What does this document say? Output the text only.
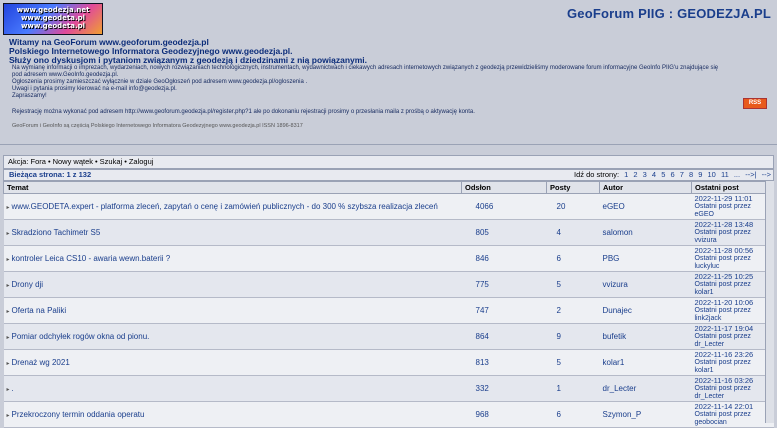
www.geodezja.net
www.geodeta.pl
www.geodeta.pl
GeoForum PIIG : GEODEZJA.PL

Witamy na GeoForum www.geoforum.geodezja.pl

Polskiego Internetowego Informatora Geodezyjnego www.geodezja.pl.

Służy ono dyskusjom i pytaniom związanym z geodezją i dziedzinami z nią powiązanymi.

Na wymianę informacji o imprezach, wydarzeniach, nowych rozwiązaniach technologicznych, instrumentach, wydawnictwach i ciekawych adresach internetowych związanych z geodezją przewidzieliśmy moderowane forum informacyjne GeoInfo PIIG'u znajdujące się pod adresem www.GeoInfo.geodezja.pl.

Ogłoszenia prosimy zamieszczać wyłącznie w dziale GeoOgłoszeń pod adresem www.geodezja.pl/ogloszenia .

Uwagi i pytania prosimy kierować na e-mail info@geodezja.pl.

Zapraszamy!

Rejestrację można wykonać pod adresem http://www.geoforum.geodezja.pl/register.php?1 ale po dokonaniu rejestracji prosimy o przesłania maila z prośbą o aktywację konta.
GeoForum i GeoInfo są częścią Polskiego Internetowego Informatora Geodezyjnego www.geodezja.pl ISSN 1896-8317
RSS
Akcja: Fora • Nowy wątek • Szukaj • Zaloguj
Bieżąca strona: 1 z 132	Idź do strony: 1 2 3 4 5 6 7 8 9 10 11 ... -->| -->
Temat	Odsłon	Posty	Autor	Ostatni post
▸ www.GEODETA.expert - platforma zleceń, zapytań o cenę i zamówień publicznych - do 300 % szybsza realizacja zleceń	4066	20	eGEO	2022-11-29 11:01
Ostatni post przez eGEO

▸ Skradziono Tachimetr S5	805	4	salomon	2022-11-28 13:48
Ostatni post przez vvizura

▸ kontroler Leica CS10 - awaria wewn.baterii ?	846	6	PBG	2022-11-28 00:56
Ostatni post przez luckyluc

▸ Drony dji	775	5	vvizura	2022-11-25 10:25
Ostatni post przez kolar1

▸ Oferta na Paliki	747	2	Dunajec	2022-11-20 10:06
Ostatni post przez link2jack

▸ Pomiar odchyłek rogów okna od pionu.	864	9	bufetik	2022-11-17 19:04
Ostatni post przez dr_Lecter

▸ Drenaż wg 2021	813	5	kolar1	2022-11-16 23:26
Ostatni post przez kolar1

▸ .	332	1	dr_Lecter	2022-11-16 03:26
Ostatni post przez dr_Lecter

▸ Przekroczony termin oddania operatu	968	6	Szymon_P	2022-11-14 22:01
Ostatni post przez geobocian
